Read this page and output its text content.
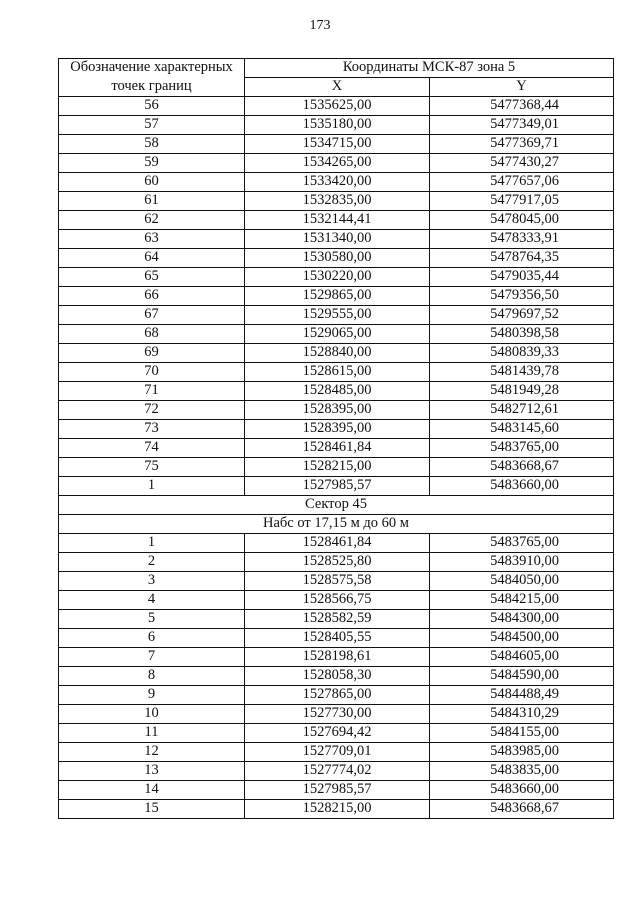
173
Обозначение характерных	Координаты МСК-87 зона 5	
точек границ	X	Y
56	1535625,00	5477368,44
57	1535180,00	5477349,01
58	1534715,00	5477369,71
59	1534265,00	5477430,27
60	1533420,00	5477657,06
61	1532835,00	5477917,05
62	1532144,41	5478045,00
63	1531340,00	5478333,91
64	1530580,00	5478764,35
65	1530220,00	5479035,44
66	1529865,00	5479356,50
67	1529555,00	5479697,52
68	1529065,00	5480398,58
69	1528840,00	5480839,33
70	1528615,00	5481439,78
71	1528485,00	5481949,28
72	1528395,00	5482712,61
73	1528395,00	5483145,60
74	1528461,84	5483765,00
75	1528215,00	5483668,67
1	1527985,57	5483660,00
Сектор 45		
Набс от 17,15 м до 60 м		
1	1528461,84	5483765,00
2	1528525,80	5483910,00
3	1528575,58	5484050,00
4	1528566,75	5484215,00
5	1528582,59	5484300,00
6	1528405,55	5484500,00
7	1528198,61	5484605,00
8	1528058,30	5484590,00
9	1527865,00	5484488,49
10	1527730,00	5484310,29
11	1527694,42	5484155,00
12	1527709,01	5483985,00
13	1527774,02	5483835,00
14	1527985,57	5483660,00
15	1528215,00	5483668,67
